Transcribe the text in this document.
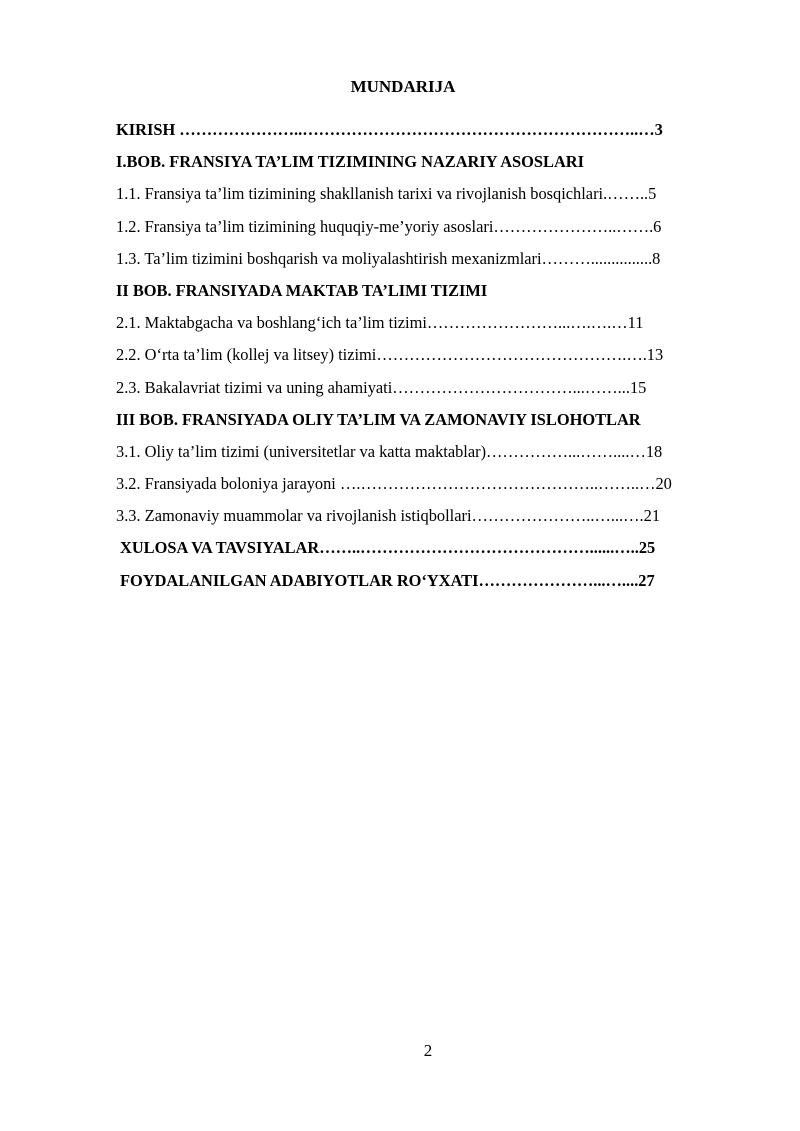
MUNDARIJA
KIRISH …………………..……………………………………………………..…3
I.BOB. FRANSIYA TA’LIM TIZIMINING NAZARIY ASOSLARI
1.1. Fransiya ta’lim tizimining shakllanish tarixi va rivojlanish bosqichlari.……..5
1.2. Fransiya ta’lim tizimining huquqiy-me’yoriy asoslari…………………..…….6
1.3. Ta’lim tizimini boshqarish va moliyalashtirish mexanizmlari………...............8
II BOB. FRANSIYADA MAKTAB TA’LIMI TIZIMI
2.1. Maktabgacha va boshlang‘ich ta’lim tizimi……………………...….….…11
2.2. O‘rta ta’lim (kollej va litsey) tizimi……………………………………….….13
2.3. Bakalavriat tizimi va uning ahamiyati……………………………...……...15
III BOB. FRANSIYADA OLIY TA’LIM VA ZAMONAVIY ISLOHOTLAR
3.1. Oliy ta’lim tizimi (universitetlar va katta maktablar)……………...……....…18
3.2. Fransiyada boloniya jarayoni ….……………………………………..……..…20
3.3. Zamonaviy muammolar va rivojlanish istiqbollari…………………..…...….21
XULOSA VA TAVSIYALAR……..……………………………………......…..25
FOYDALANILGAN ADABIYOTLAR RO‘YXATI…………………...…....27
2
